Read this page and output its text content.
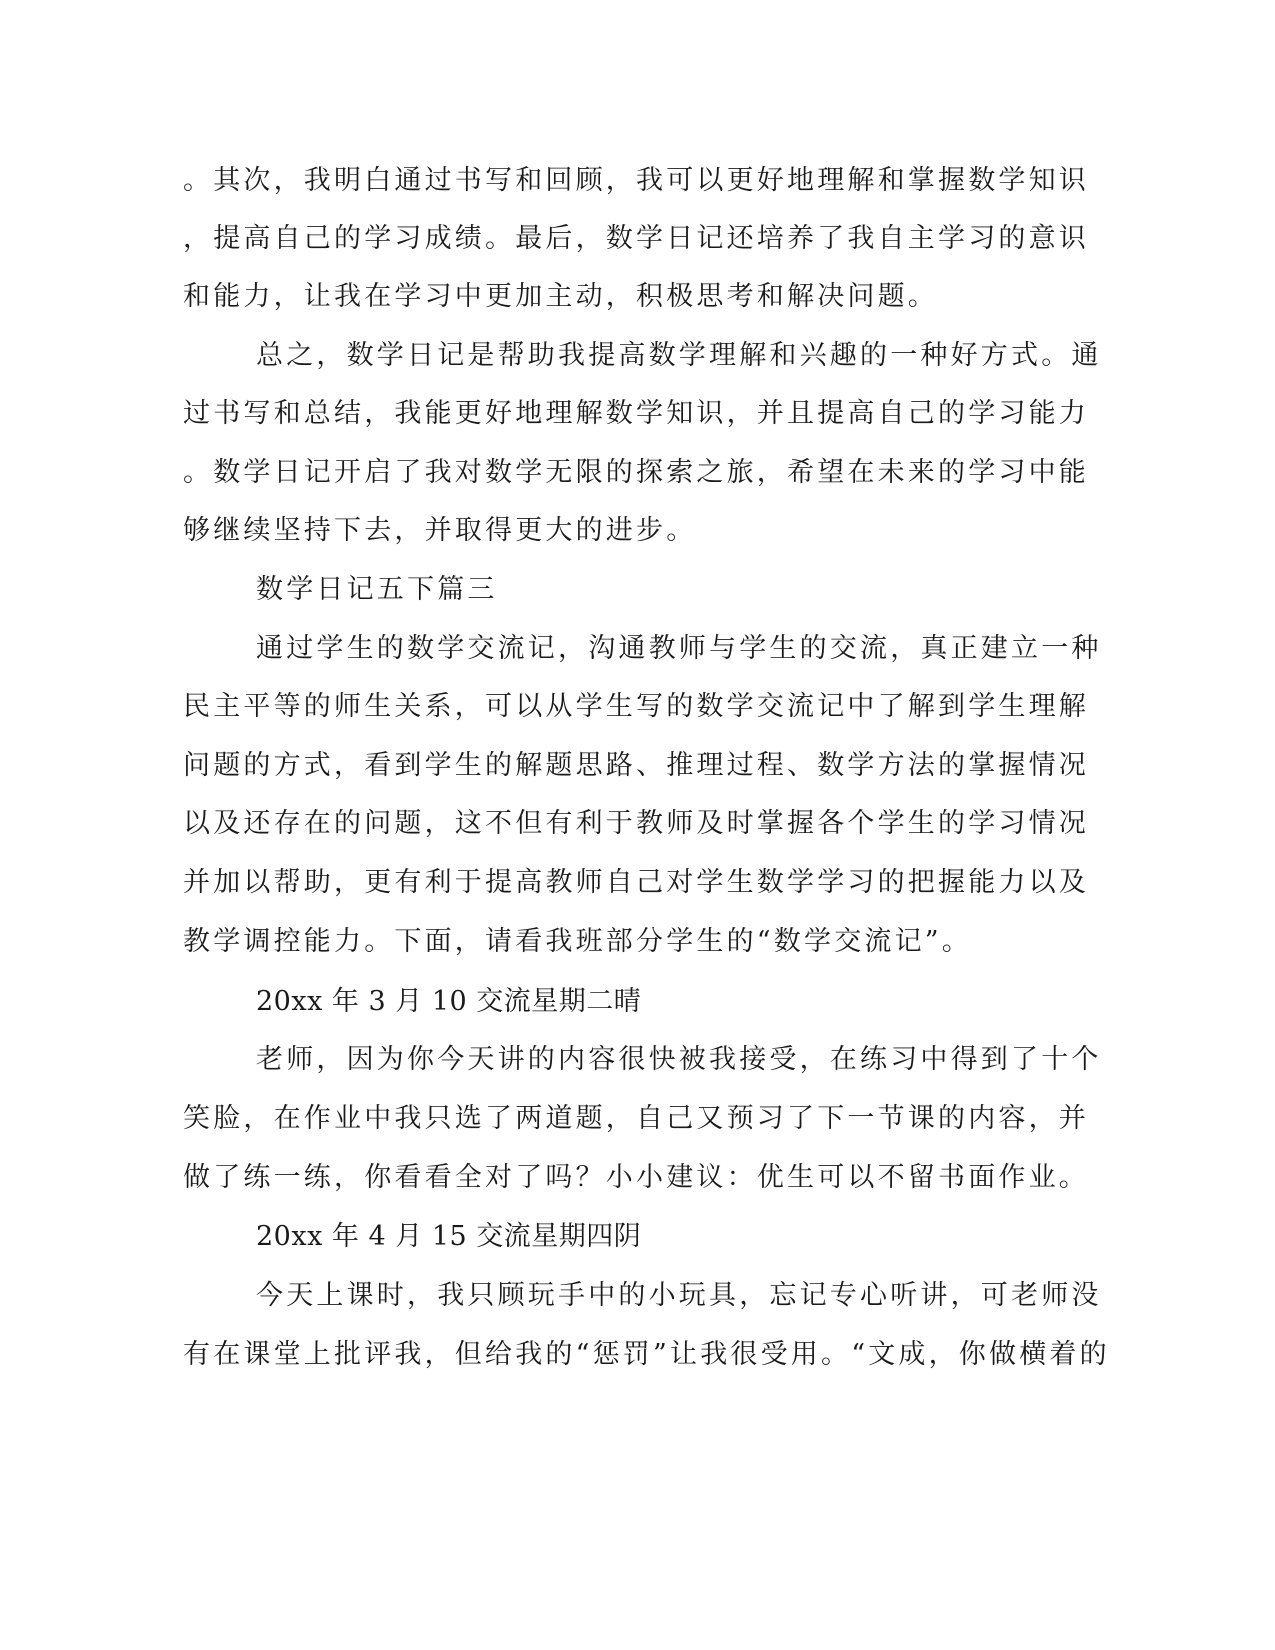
。其次，我明白通过书写和回顾，我可以更好地理解和掌握数学知识
，提高自己的学习成绩。最后，数学日记还培养了我自主学习的意识
和能力，让我在学习中更加主动，积极思考和解决问题。
总之，数学日记是帮助我提高数学理解和兴趣的一种好方式。通
过书写和总结，我能更好地理解数学知识，并且提高自己的学习能力
。数学日记开启了我对数学无限的探索之旅，希望在未来的学习中能
够继续坚持下去，并取得更大的进步。
数学日记五下篇三
通过学生的数学交流记，沟通教师与学生的交流，真正建立一种
民主平等的师生关系，可以从学生写的数学交流记中了解到学生理解
问题的方式，看到学生的解题思路、推理过程、数学方法的掌握情况
以及还存在的问题，这不但有利于教师及时掌握各个学生的学习情况
并加以帮助，更有利于提高教师自己对学生数学学习的把握能力以及
教学调控能力。下面，请看我班部分学生的“数学交流记”。
20xx 年 3 月 10 交流星期二晴
老师，因为你今天讲的内容很快被我接受，在练习中得到了十个
笑脸，在作业中我只选了两道题，自己又预习了下一节课的内容，并
做了练一练，你看看全对了吗？小小建议：优生可以不留书面作业。
20xx 年 4 月 15 交流星期四阴
今天上课时，我只顾玩手中的小玩具，忘记专心听讲，可老师没
有在课堂上批评我，但给我的“惩罚”让我很受用。“文成，你做横着的
